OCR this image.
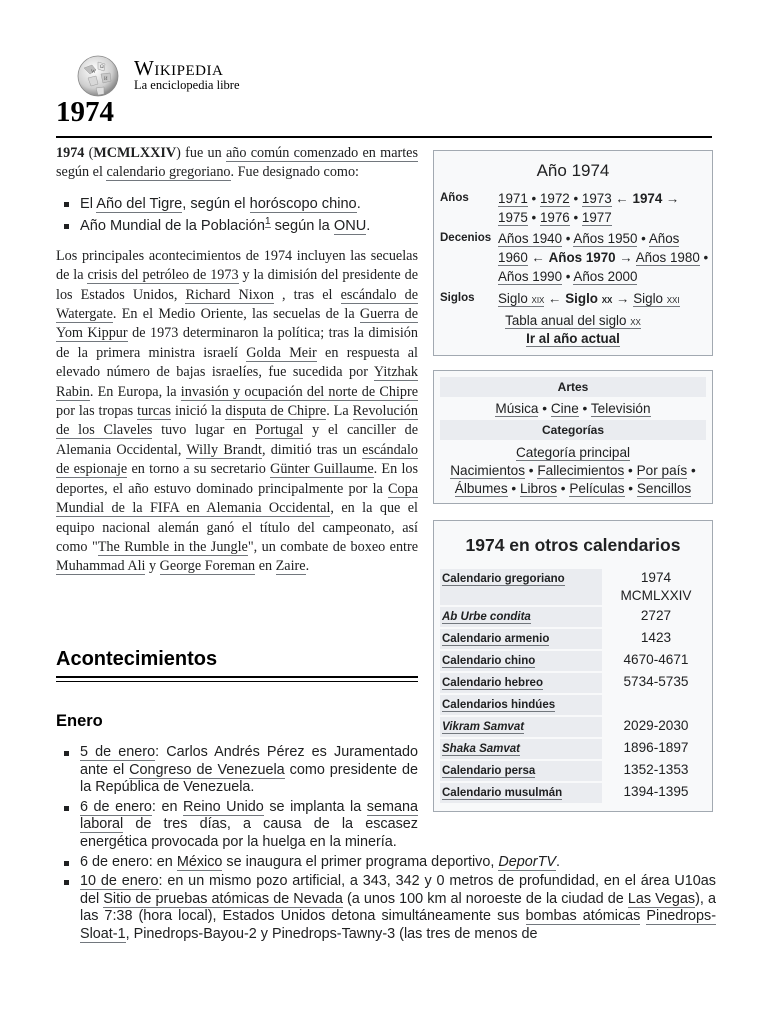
W
Ω
И Wikipedia
La enciclopedia libre
1974

1974 (MCMLXXIV) fue un año común comenzado en martes según el calendario gregoriano. Fue designado como:

El Año del Tigre, según el horóscopo chino.
Año Mundial de la Población$^1$ según la ONU.

Los principales acontecimientos de 1974 incluyen las secuelas de la crisis del petróleo de 1973 y la dimisión del presidente de los Estados Unidos, Richard Nixon , tras el escándalo de Watergate. En el Medio Oriente, las secuelas de la Guerra de Yom Kippur de 1973 determinaron la política; tras la dimisión de la primera ministra israelí Golda Meir en respuesta al elevado número de bajas israelíes, fue sucedida por Yitzhak Rabin. En Europa, la invasión y ocupación del norte de Chipre por las tropas turcas inició la disputa de Chipre. La Revolución de los Claveles tuvo lugar en Portugal y el canciller de Alemania Occidental, Willy Brandt, dimitió tras un escándalo de espionaje en torno a su secretario Günter Guillaume. En los deportes, el año estuvo dominado principalmente por la Copa Mundial de la FIFA en Alemania Occidental, en la que el equipo nacional alemán ganó el título del campeonato, así como "The Rumble in the Jungle", un combate de boxeo entre Muhammad Ali y George Foreman en Zaire.

Acontecimientos
Enero
5 de enero: Carlos Andrés Pérez es Juramentado ante el Congreso de Venezuela como presidente de la República de Venezuela.
6 de enero: en Reino Unido se implanta la semana laboral de tres días, a causa de la escasez energética provocada por la huelga en la minería.
6 de enero: en México se inaugura el primer programa deportivo, DeporTV.
10 de enero: en un mismo pozo artificial, a 343, 342 y 0 metros de profundidad, en el área U10as del Sitio de pruebas atómicas de Nevada (a unos 100 km al noroeste de la ciudad de Las Vegas), a las 7:38 (hora local), Estados Unidos detona simultáneamente sus bombas atómicas Pinedrops-Sloat-1, Pinedrops-Bayou-2 y Pinedrops-Tawny-3 (las tres de menos de
Año 1974
Años	1971 • 1972 • 1973 ← 1974 → 1975 • 1976 • 1977
Decenios Años 1940 • Años 1950 • Años 1960 ← Años 1970 → Años 1980 • Años 1990 • Años 2000
Siglos	Siglo xix ← Siglo xx → Siglo xxi
Tabla anual del siglo xx
Ir al año actual
Artes
Música • Cine • Televisión
Categorías
Categoría principal
Nacimientos • Fallecimientos • Por país •
Álbumes • Libros • Películas • Sencillos
1974 en otros calendarios
Calendario gregoriano	1974
MCMLXXIV
Ab Urbe condita	2727
Calendario armenio	1423
Calendario chino	4670-4671
Calendario hebreo	5734-5735
Calendarios hindúes	
Vikram Samvat	2029-2030
Shaka Samvat	1896-1897
Calendario persa	1352-1353
Calendario musulmán	1394-1395
